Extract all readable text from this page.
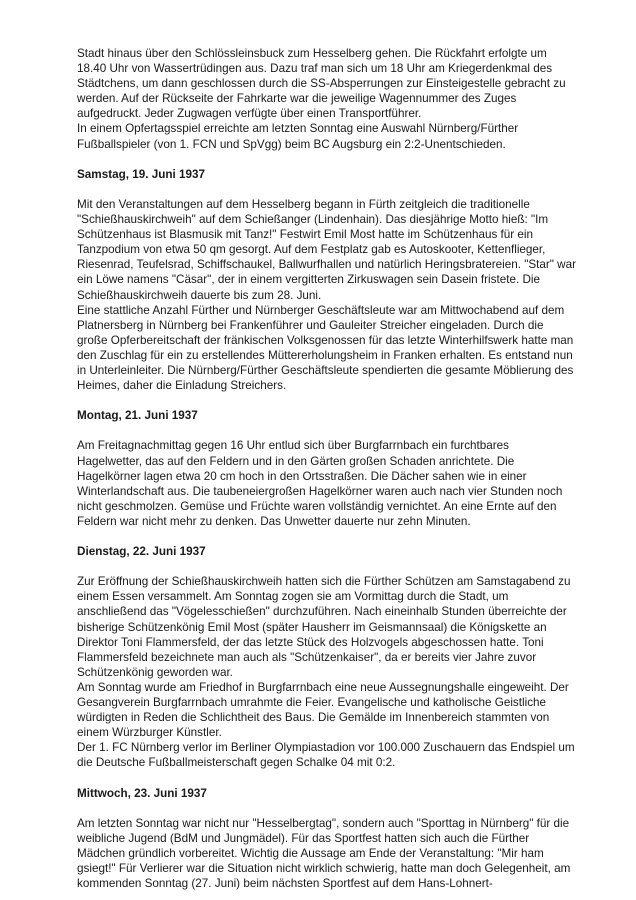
Stadt hinaus über den Schlössleinsbuck zum Hesselberg gehen. Die Rückfahrt erfolgte um 18.40 Uhr von Wassertrüdingen aus. Dazu traf man sich um 18 Uhr am Kriegerdenkmal des Städtchens, um dann geschlossen durch die SS-Absperrungen zur Einsteigestelle gebracht zu werden. Auf der Rückseite der Fahrkarte war die jeweilige Wagennummer des Zuges aufgedruckt. Jeder Zugwagen verfügte über einen Transportführer.

In einem Opfertagsspiel erreichte am letzten Sonntag eine Auswahl Nürnberg/Fürther Fußballspieler (von 1. FCN und SpVgg) beim BC Augsburg ein 2:2-Unentschieden.

Samstag, 19. Juni 1937

Mit den Veranstaltungen auf dem Hesselberg begann in Fürth zeitgleich die traditionelle "Schießhauskirchweih" auf dem Schießanger (Lindenhain). Das diesjährige Motto hieß: "Im Schützenhaus ist Blasmusik mit Tanz!" Festwirt Emil Most hatte im Schützenhaus für ein Tanzpodium von etwa 50 qm gesorgt. Auf dem Festplatz gab es Autoskooter, Kettenflieger, Riesenrad, Teufelsrad, Schiffschaukel, Ballwurfhallen und natürlich Heringsbratereien. "Star" war ein Löwe namens "Cäsar", der in einem vergitterten Zirkuswagen sein Dasein fristete. Die Schießhauskirchweih dauerte bis zum 28. Juni.

Eine stattliche Anzahl Fürther und Nürnberger Geschäftsleute war am Mittwochabend auf dem Platnersberg in Nürnberg bei Frankenführer und Gauleiter Streicher eingeladen. Durch die große Opferbereitschaft der fränkischen Volksgenossen für das letzte Winterhilfswerk hatte man den Zuschlag für ein zu erstellendes Müttererholungsheim in Franken erhalten. Es entstand nun in Unterleinleiter. Die Nürnberg/Fürther Geschäftsleute spendierten die gesamte Möblierung des Heimes, daher die Einladung Streichers.

Montag, 21. Juni 1937

Am Freitagnachmittag gegen 16 Uhr entlud sich über Burgfarrnbach ein furchtbares Hagelwetter, das auf den Feldern und in den Gärten großen Schaden anrichtete. Die Hagelkörner lagen etwa 20 cm hoch in den Ortsstraßen. Die Dächer sahen wie in einer Winterlandschaft aus. Die taubeneiergroßen Hagelkörner waren auch nach vier Stunden noch nicht geschmolzen. Gemüse und Früchte waren vollständig vernichtet. An eine Ernte auf den Feldern war nicht mehr zu denken. Das Unwetter dauerte nur zehn Minuten.

Dienstag, 22. Juni 1937

Zur Eröffnung der Schießhauskirchweih hatten sich die Fürther Schützen am Samstagabend zu einem Essen versammelt. Am Sonntag zogen sie am Vormittag durch die Stadt, um anschließend das "Vögelesschießen" durchzuführen. Nach eineinhalb Stunden überreichte der bisherige Schützenkönig Emil Most (später Hausherr im Geismannsaal) die Königskette an Direktor Toni Flammersfeld, der das letzte Stück des Holzvogels abgeschossen hatte. Toni Flammersfeld bezeichnete man auch als "Schützenkaiser", da er bereits vier Jahre zuvor Schützenkönig geworden war.

Am Sonntag wurde am Friedhof in Burgfarrnbach eine neue Aussegnungshalle eingeweiht. Der Gesangverein Burgfarrnbach umrahmte die Feier. Evangelische und katholische Geistliche würdigten in Reden die Schlichtheit des Baus. Die Gemälde im Innenbereich stammten von einem Würzburger Künstler.

Der 1. FC Nürnberg verlor im Berliner Olympiastadion vor 100.000 Zuschauern das Endspiel um die Deutsche Fußballmeisterschaft gegen Schalke 04 mit 0:2.

Mittwoch, 23. Juni 1937

Am letzten Sonntag war nicht nur "Hesselbergtag", sondern auch "Sporttag in Nürnberg" für die weibliche Jugend (BdM und Jungmädel). Für das Sportfest hatten sich auch die Fürther Mädchen gründlich vorbereitet. Wichtig die Aussage am Ende der Veranstaltung: "Mir ham gsiegt!" Für Verlierer war die Situation nicht wirklich schwierig, hatte man doch Gelegenheit, am kommenden Sonntag (27. Juni) beim nächsten Sportfest auf dem Hans-Lohnert-
